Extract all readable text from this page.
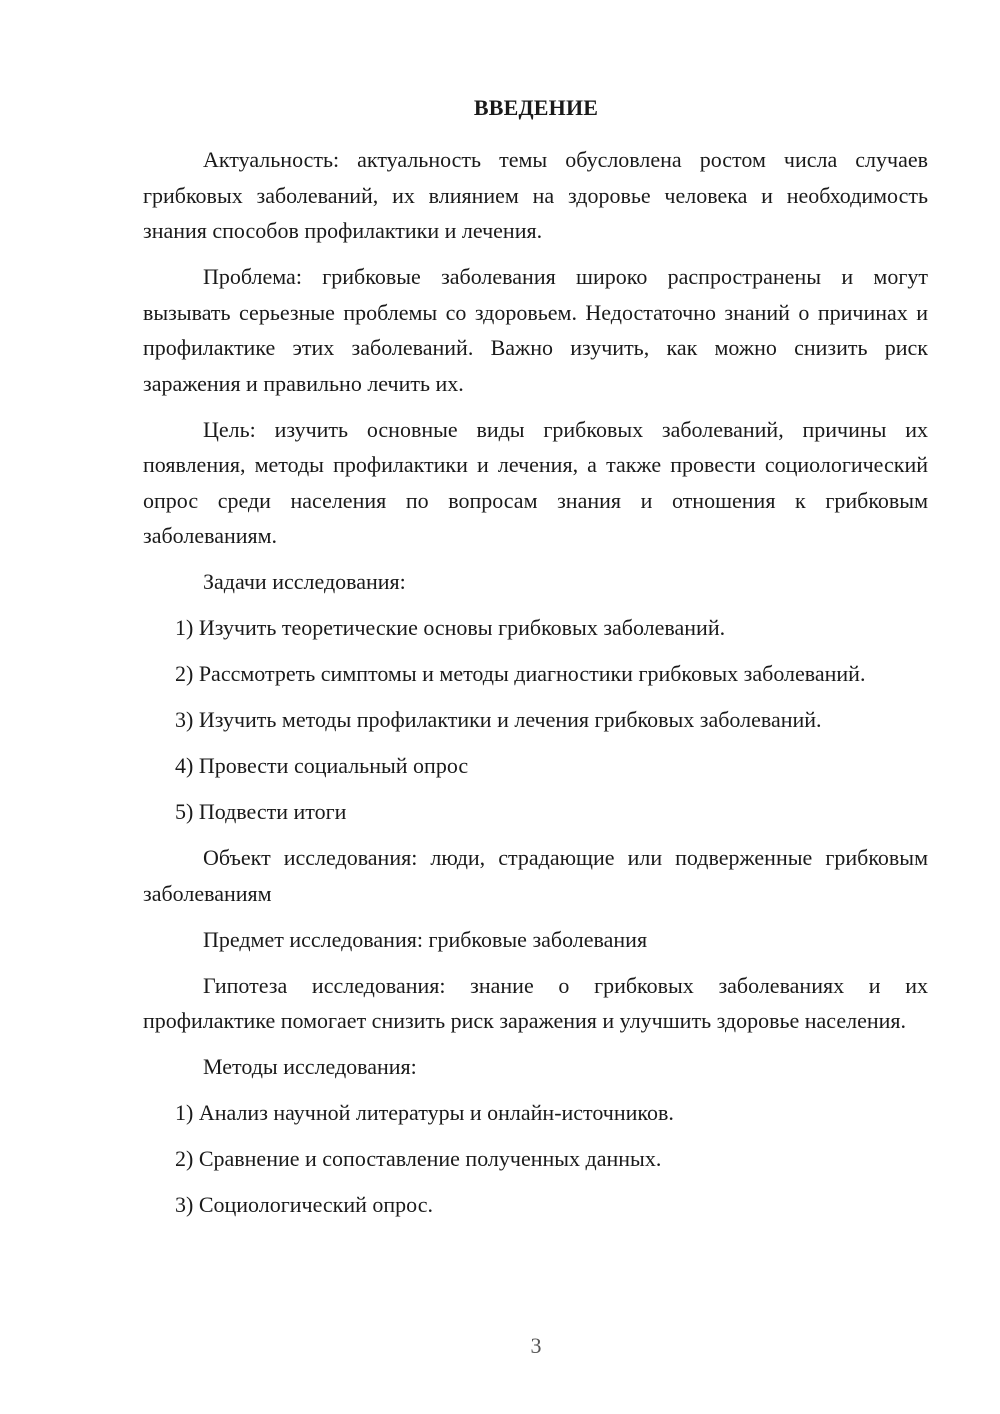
ВВЕДЕНИЕ

Актуальность: актуальность темы обусловлена ростом числа случаев грибковых заболеваний, их влиянием на здоровье человека и необходимость знания способов профилактики и лечения.

Проблема: грибковые заболевания широко распространены и могут вызывать серьезные проблемы со здоровьем. Недостаточно знаний о причинах и профилактике этих заболеваний. Важно изучить, как можно снизить риск заражения и правильно лечить их.

Цель: изучить основные виды грибковых заболеваний, причины их появления, методы профилактики и лечения, а также провести социологический опрос среди населения по вопросам знания и отношения к грибковым заболеваниям.

Задачи исследования:

1) Изучить теоретические основы грибковых заболеваний.

2) Рассмотреть симптомы и методы диагностики грибковых заболеваний.

3) Изучить методы профилактики и лечения грибковых заболеваний.

4) Провести социальный опрос

5) Подвести итоги

Объект исследования: люди, страдающие или подверженные грибковым заболеваниям

Предмет исследования: грибковые заболевания

Гипотеза исследования: знание о грибковых заболеваниях и их профилактике помогает снизить риск заражения и улучшить здоровье населения.

Методы исследования:

1) Анализ научной литературы и онлайн-источников.

2) Сравнение и сопоставление полученных данных.

3) Социологический опрос.

3
